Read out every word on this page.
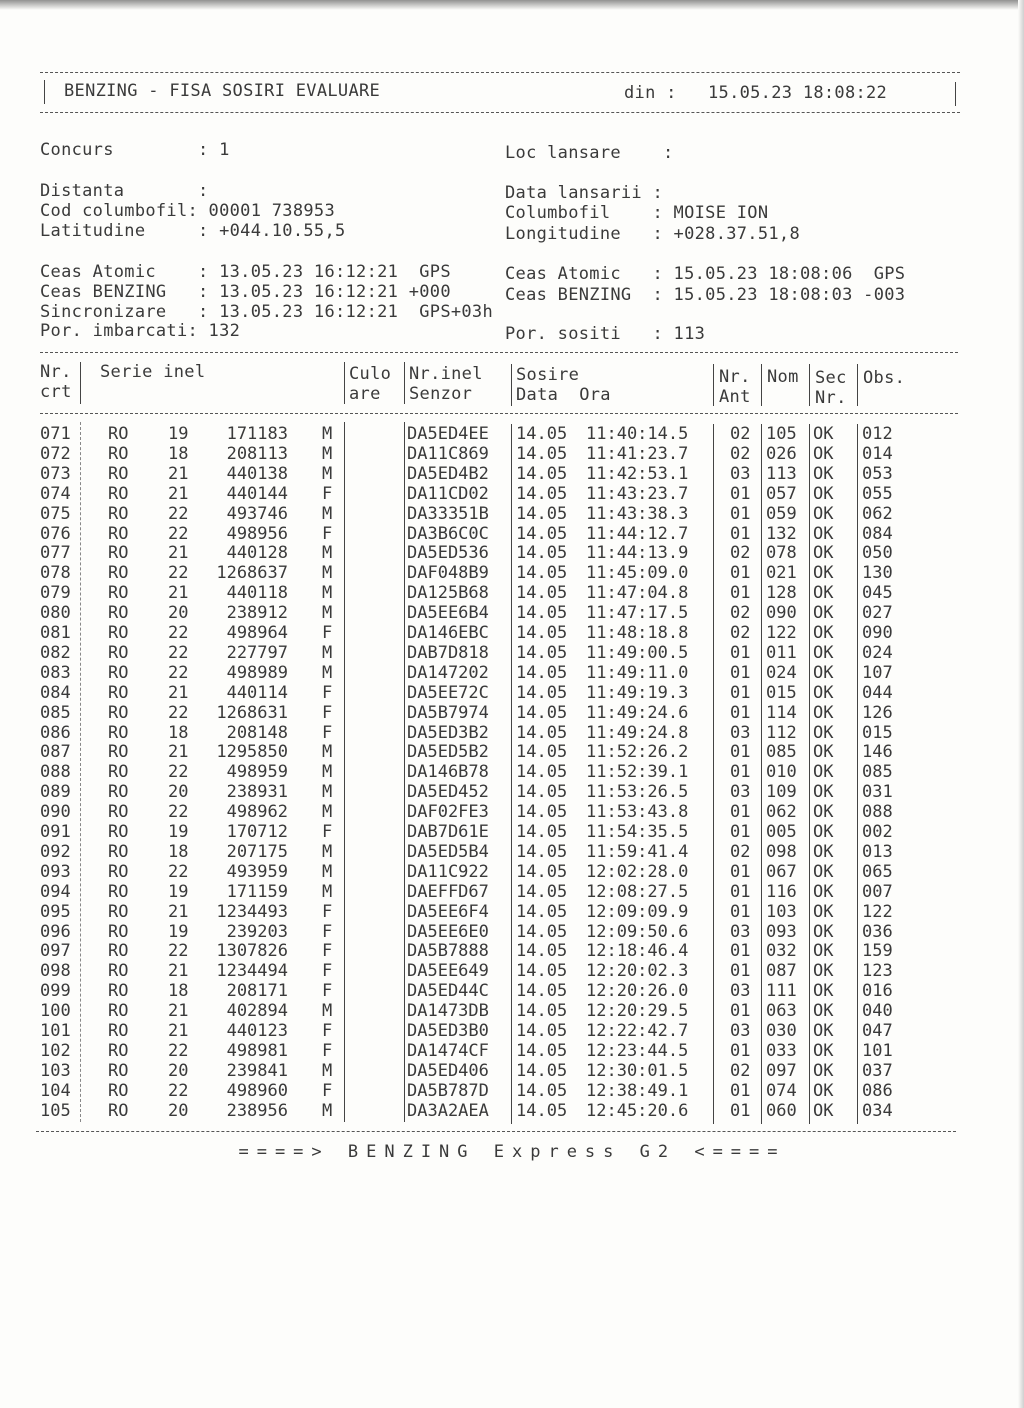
BENZING - FISA SOSIRI EVALUARE	din : 15.05.23 18:08:22
Concurs        : 1	Loc lansare    :
Distanta       :	Data lansarii :
Cod columbofil: 00001 738953	Columbofil    : MOISE ION
Latitudine     : +044.10.55,5	Longitudine   : +028.37.51,8
Ceas Atomic    : 13.05.23 16:12:21  GPS
Ceas BENZING   : 13.05.23 16:12:21 +000
Sincronizare   : 13.05.23 16:12:21  GPS+03h
Por. imbarcati: 132
Ceas Atomic   : 15.05.23 18:08:06  GPS
Ceas BENZING  : 15.05.23 18:08:03 -003
Por. sositi   : 113
Nr.
crt
Serie inel	Culo
are
Nr.inel
Senzor
Sosire
Data  Ora
Nr.
Ant
Nom Sec
Nr.
Obs.
071	RO	19	171183 M	DA5ED4EE	14.05	11:40:14.5	02 105 OK	012
072	RO	18	208113 M	DA11C869	14.05	11:41:23.7	02 026 OK	014
073	RO	21	440138 M	DA5ED4B2	14.05	11:42:53.1	03 113 OK	053
074	RO	21	440144 F	DA11CD02	14.05	11:43:23.7	01 057 OK	055
075	RO	22	493746 M	DA33351B	14.05	11:43:38.3	01 059 OK	062
076	RO	22	498956 F	DA3B6C0C	14.05	11:44:12.7	01 132 OK	084
077	RO	21	440128 M	DA5ED536	14.05	11:44:13.9	02 078 OK	050
078	RO	22	1268637 M	DAF048B9	14.05	11:45:09.0	01 021 OK	130
079	RO	21	440118 M	DA125B68	14.05	11:47:04.8	01 128 OK	045
080	RO	20	238912 M	DA5EE6B4	14.05	11:47:17.5	02 090 OK	027
081	RO	22	498964 F	DA146EBC	14.05	11:48:18.8	02 122 OK	090
082	RO	22	227797 M	DAB7D818	14.05	11:49:00.5	01 011 OK	024
083	RO	22	498989 M	DA147202	14.05	11:49:11.0	01 024 OK	107
084	RO	21	440114 F	DA5EE72C	14.05	11:49:19.3	01 015 OK	044
085	RO	22	1268631 F	DA5B7974	14.05	11:49:24.6	01 114 OK	126
086	RO	18	208148 F	DA5ED3B2	14.05	11:49:24.8	03 112 OK	015
087	RO	21	1295850 M	DA5ED5B2	14.05	11:52:26.2	01 085 OK	146
088	RO	22	498959 M	DA146B78	14.05	11:52:39.1	01 010 OK	085
089	RO	20	238931 M	DA5ED452	14.05	11:53:26.5	03 109 OK	031
090	RO	22	498962 M	DAF02FE3	14.05	11:53:43.8	01 062 OK	088
091	RO	19	170712 F	DAB7D61E	14.05	11:54:35.5	01 005 OK	002
092	RO	18	207175 M	DA5ED5B4	14.05	11:59:41.4	02 098 OK	013
093	RO	22	493959 M	DA11C922	14.05	12:02:28.0	01 067 OK	065
094	RO	19	171159 M	DAEFFD67	14.05	12:08:27.5	01 116 OK	007
095	RO	21	1234493 F	DA5EE6F4	14.05	12:09:09.9	01 103 OK	122
096	RO	19	239203 F	DA5EE6E0	14.05	12:09:50.6	03 093 OK	036
097	RO	22	1307826 F	DA5B7888	14.05	12:18:46.4	01 032 OK	159
098	RO	21	1234494 F	DA5EE649	14.05	12:20:02.3	01 087 OK	123
099	RO	18	208171 F	DA5ED44C	14.05	12:20:26.0	03 111 OK	016
100	RO	21	402894 M	DA1473DB	14.05	12:20:29.5	01 063 OK	040
101	RO	21	440123 F	DA5ED3B0	14.05	12:22:42.7	03 030 OK	047
102	RO	22	498981 F	DA1474CF	14.05	12:23:44.5	01 033 OK	101
103	RO	20	239841 M	DA5ED406	14.05	12:30:01.5	02 097 OK	037
104	RO	22	498960 F	DA5B787D	14.05	12:38:49.1	01 074 OK	086
105	RO	20	238956 M	DA3A2AEA	14.05	12:45:20.6	01 060 OK	034
====> BENZING Express G2 <====
